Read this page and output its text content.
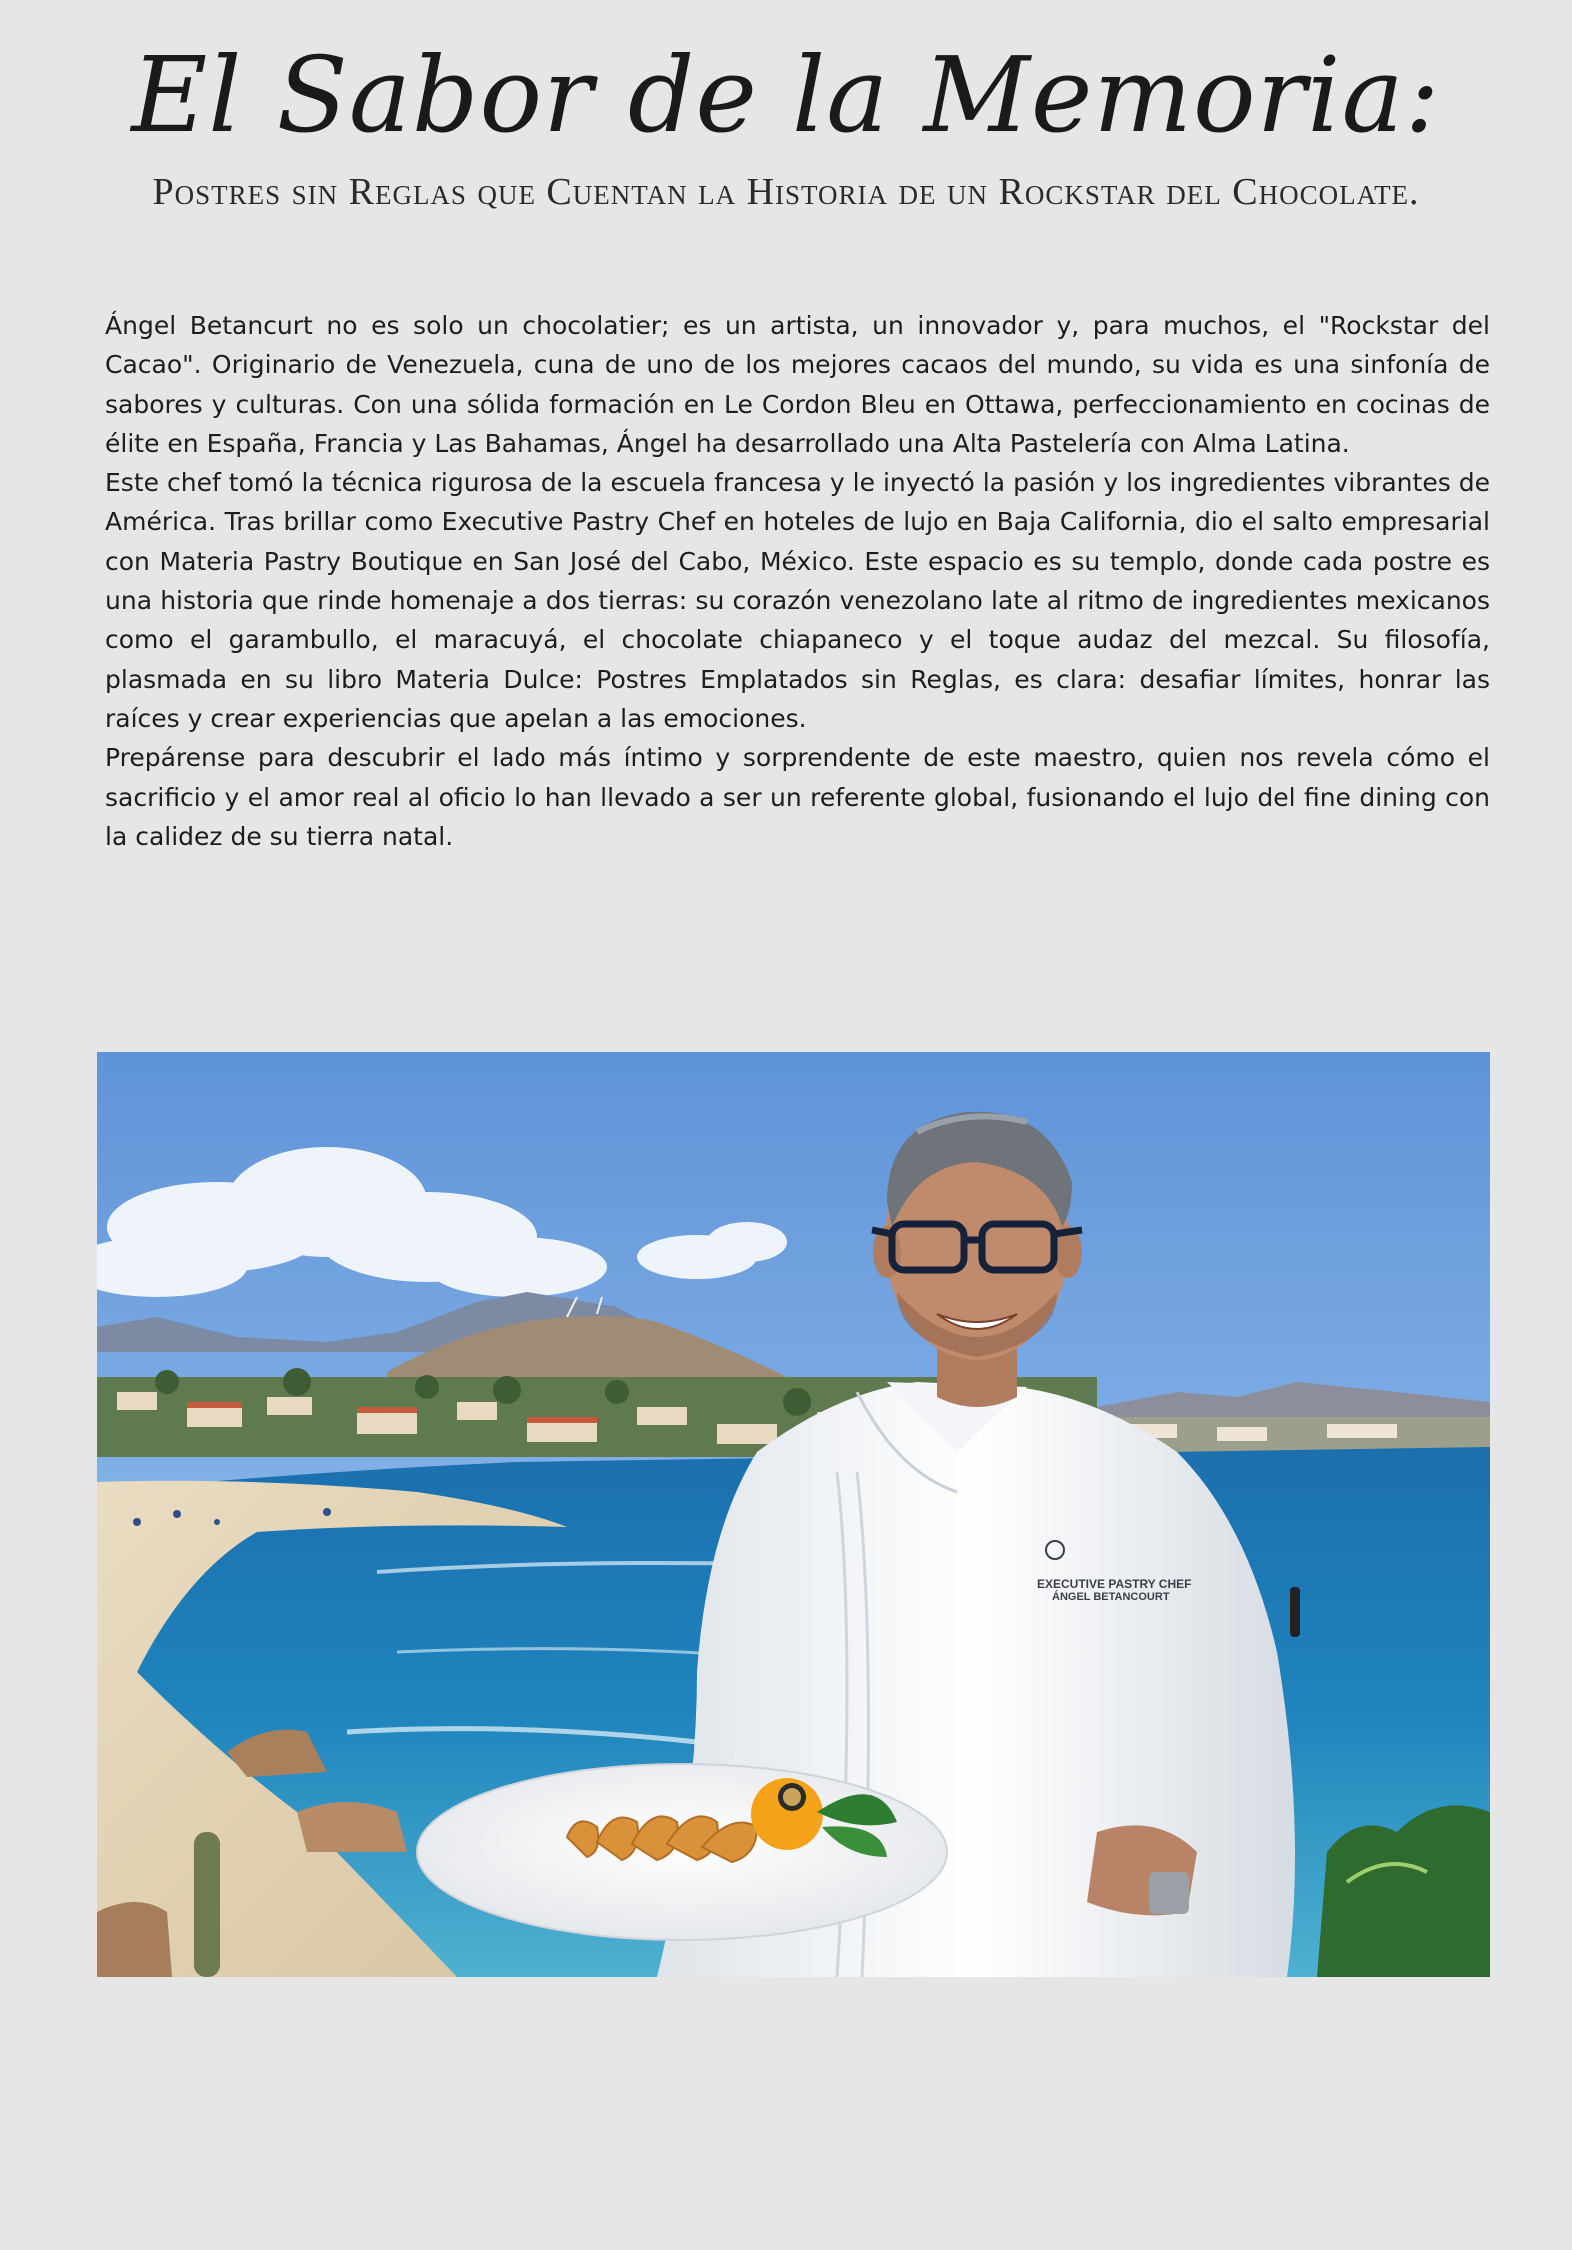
El Sabor de la Memoria:
Postres sin Reglas que Cuentan la Historia de un Rockstar del Chocolate.

Ángel Betancurt no es solo un chocolatier; es un artista, un innovador y, para muchos, el "Rockstar del Cacao". Originario de Venezuela, cuna de uno de los mejores cacaos del mundo, su vida es una sinfonía de sabores y culturas. Con una sólida formación en Le Cordon Bleu en Ottawa, perfeccionamiento en cocinas de élite en España, Francia y Las Bahamas, Ángel ha desarrollado una Alta Pastelería con Alma Latina.

Este chef tomó la técnica rigurosa de la escuela francesa y le inyectó la pasión y los ingredientes vibrantes de América. Tras brillar como Executive Pastry Chef en hoteles de lujo en Baja California, dio el salto empresarial con Materia Pastry Boutique en San José del Cabo, México. Este espacio es su templo, donde cada postre es una historia que rinde homenaje a dos tierras: su corazón venezolano late al ritmo de ingredientes mexicanos como el garambullo, el maracuyá, el chocolate chiapaneco y el toque audaz del mezcal. Su filosofía, plasmada en su libro Materia Dulce: Postres Emplatados sin Reglas, es clara: desafiar límites, honrar las raíces y crear experiencias que apelan a las emociones.

Prepárense para descubrir el lado más íntimo y sorprendente de este maestro, quien nos revela cómo el sacrificio y el amor real al oficio lo han llevado a ser un referente global, fusionando el lujo del fine dining con la calidez de su tierra natal.

EXECUTIVE PASTRY CHEF
ÁNGEL BETANCOURT
